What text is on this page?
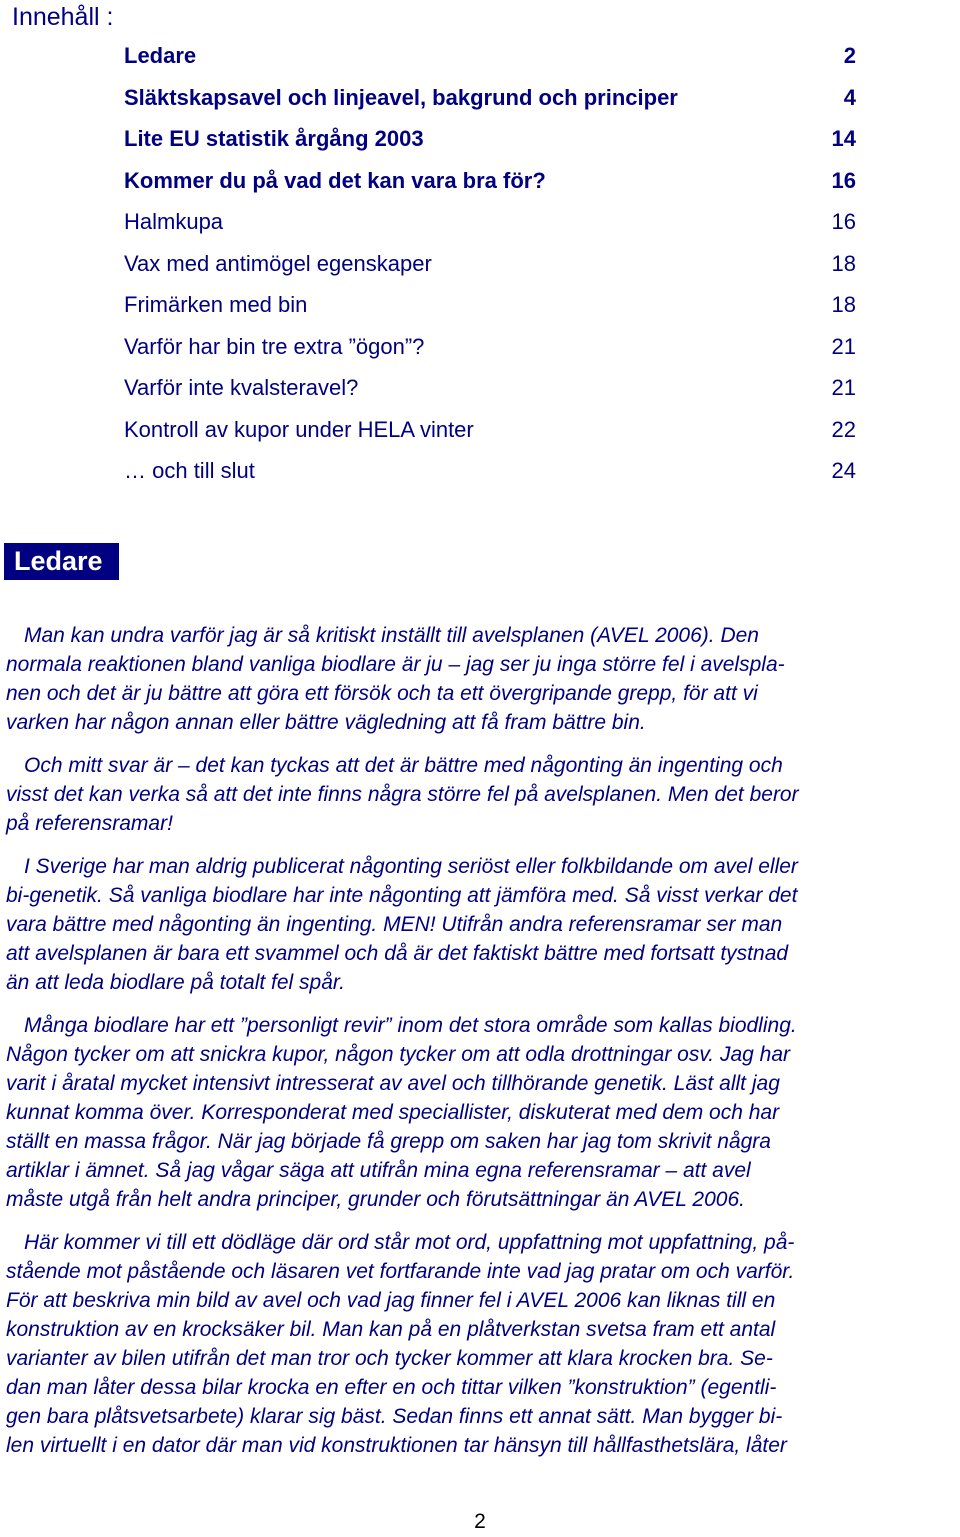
Innehåll :
Ledare	2
Släktskapsavel och linjeavel, bakgrund och principer	4
Lite EU statistik årgång 2003	14
Kommer du på vad det kan vara bra för?	16
Halmkupa	16
Vax med antimögel egenskaper	18
Frimärken med bin	18
Varför har bin tre extra ”ögon”?	21
Varför inte kvalsteravel?	21
Kontroll av kupor under HELA vinter	22
… och till slut	24
Ledare

Man kan undra varför jag är så kritiskt inställt till avelsplanen (AVEL 2006). Den
normala reaktionen bland vanliga biodlare är ju – jag ser ju inga större fel i avelspla-
nen och det är ju bättre att göra ett försök och ta ett övergripande grepp, för att vi
varken har någon annan eller bättre vägledning att få fram bättre bin.

Och mitt svar är – det kan tyckas att det är bättre med någonting än ingenting och
visst det kan verka så att det inte finns några större fel på avelsplanen. Men det beror
på referensramar!

I Sverige har man aldrig publicerat någonting seriöst eller folkbildande om avel eller
bi-genetik. Så vanliga biodlare har inte någonting att jämföra med. Så visst verkar det
vara bättre med någonting än ingenting. MEN! Utifrån andra referensramar ser man
att avelsplanen är bara ett svammel och då är det faktiskt bättre med fortsatt tystnad
än att leda biodlare på totalt fel spår.

Många biodlare har ett ”personligt revir” inom det stora område som kallas biodling.
Någon tycker om att snickra kupor, någon tycker om att odla drottningar osv. Jag har
varit i åratal mycket intensivt intresserat av avel och tillhörande genetik. Läst allt jag
kunnat komma över. Korresponderat med speciallister, diskuterat med dem och har
ställt en massa frågor. När jag började få grepp om saken har jag tom skrivit några
artiklar i ämnet. Så jag vågar säga att utifrån mina egna referensramar – att avel
måste utgå från helt andra principer, grunder och förutsättningar än AVEL 2006.

Här kommer vi till ett dödläge där ord står mot ord, uppfattning mot uppfattning, på-
stående mot påstående och läsaren vet fortfarande inte vad jag pratar om och varför.
För att beskriva min bild av avel och vad jag finner fel i AVEL 2006 kan liknas till en
konstruktion av en krocksäker bil. Man kan på en plåtverkstan svetsa fram ett antal
varianter av bilen utifrån det man tror och tycker kommer att klara krocken bra. Se-
dan man låter dessa bilar krocka en efter en och tittar vilken ”konstruktion” (egentli-
gen bara plåtsvetsarbete) klarar sig bäst. Sedan finns ett annat sätt. Man bygger bi-
len virtuellt i en dator där man vid konstruktionen tar hänsyn till hållfasthetslära, låter

2
